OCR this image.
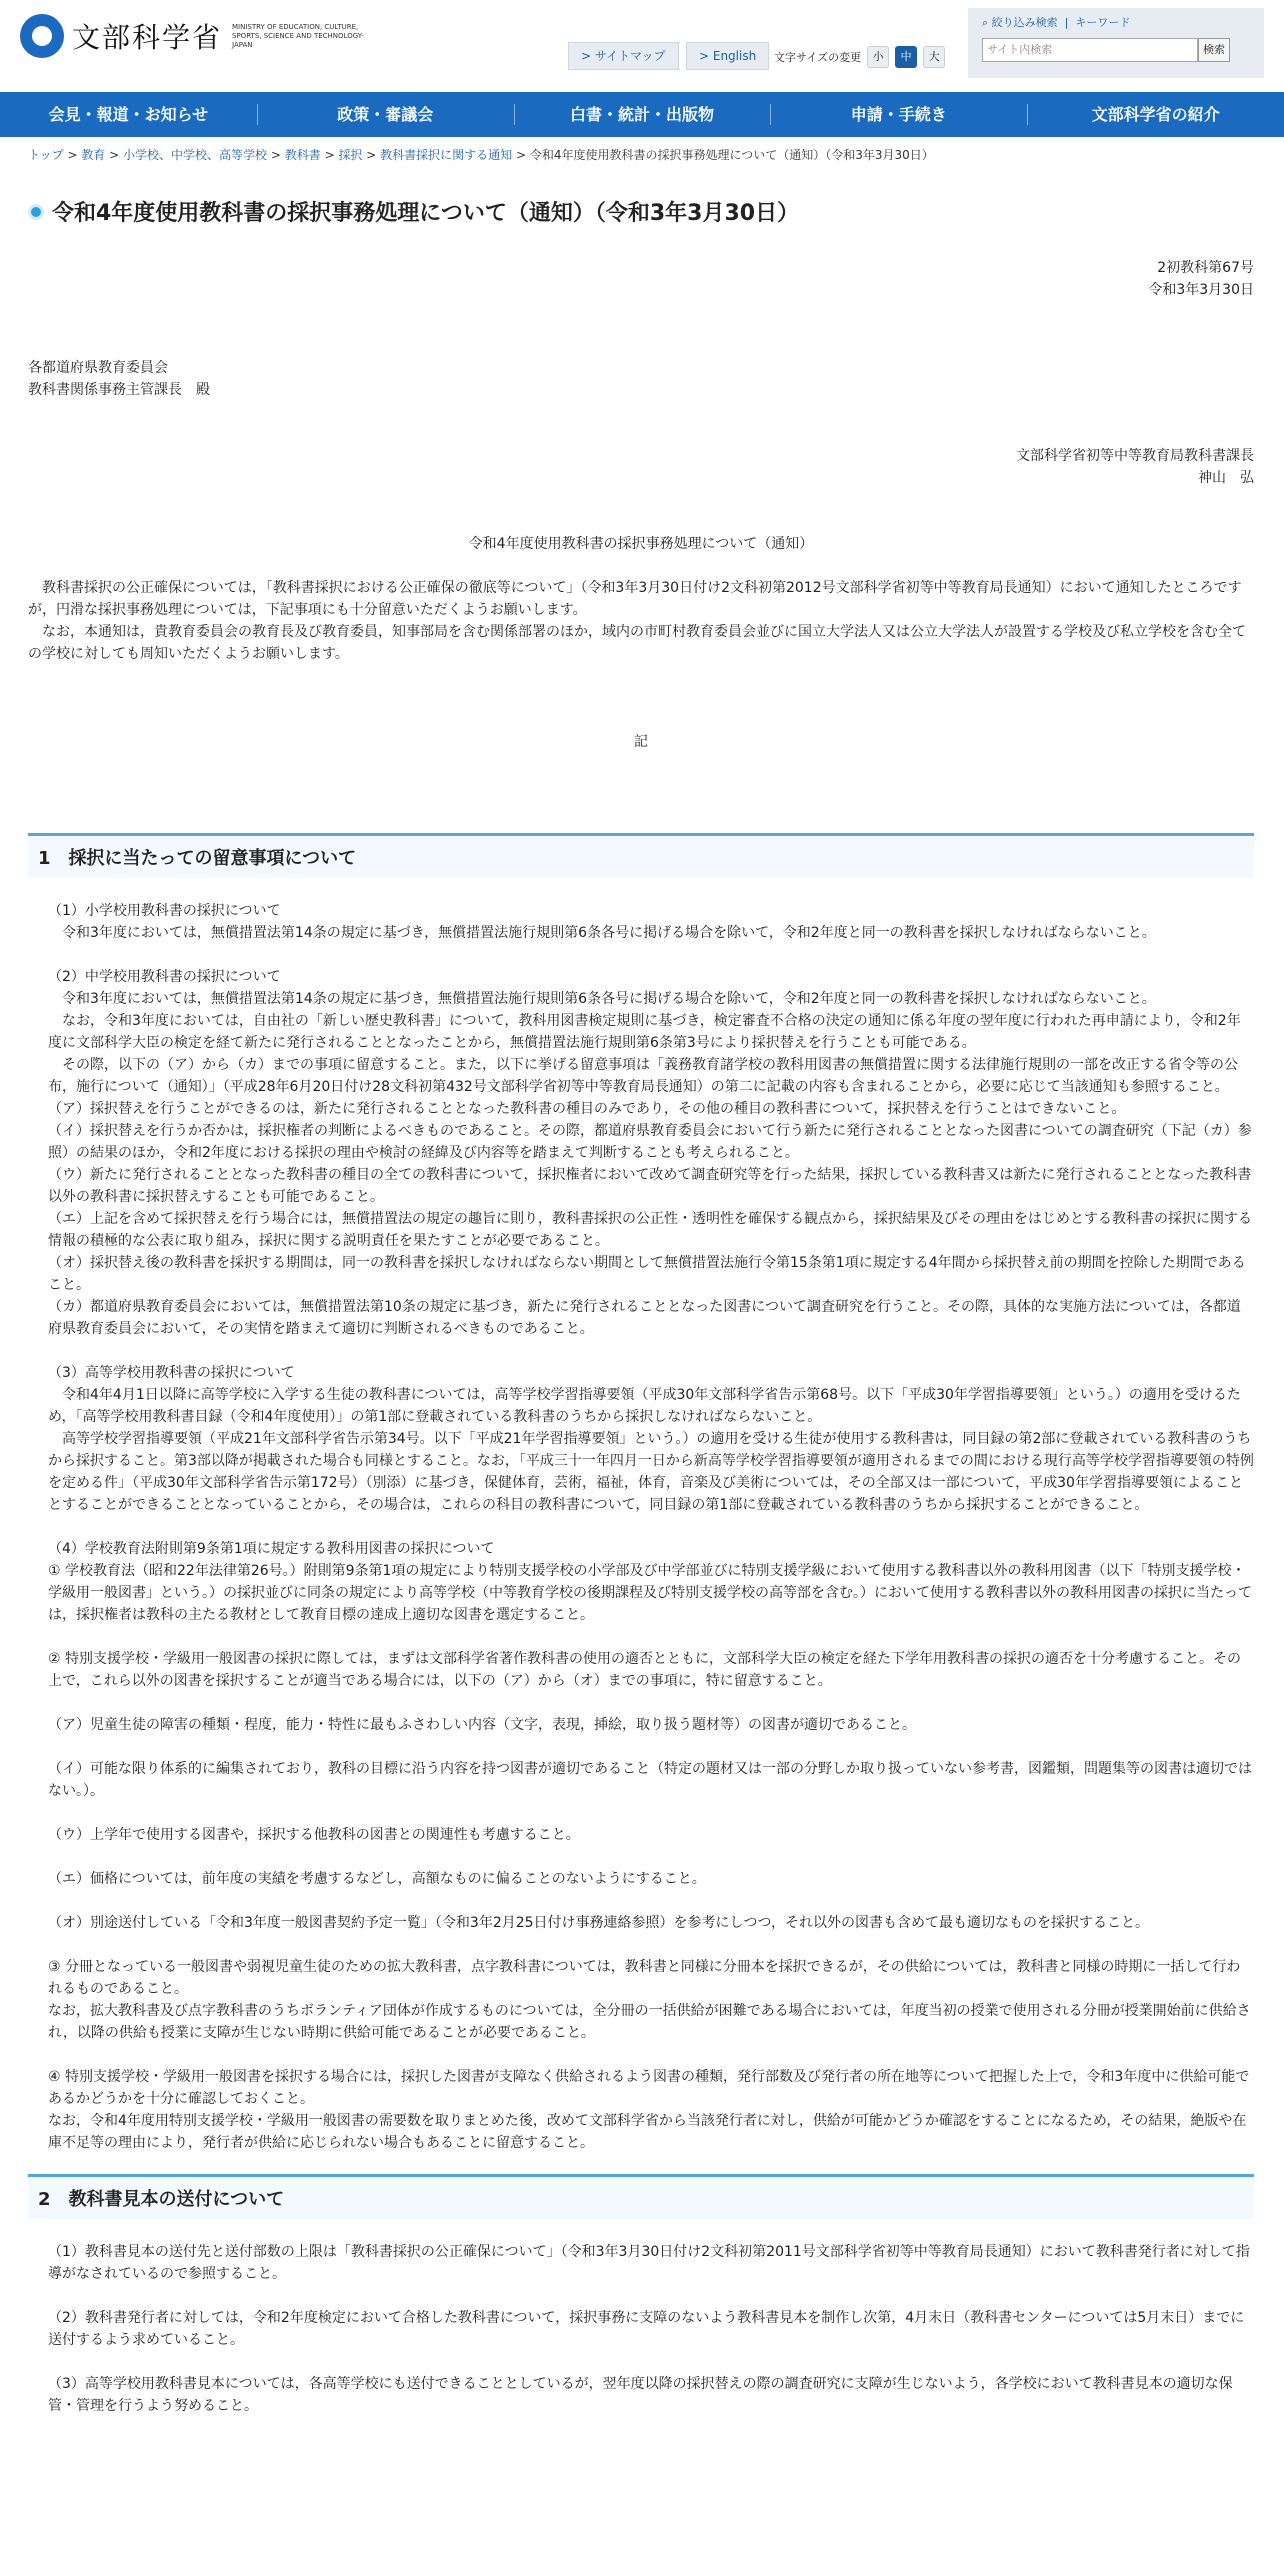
文部科学省 MINISTRY OF EDUCATION, CULTURE, SPORTS, SCIENCE AND TECHNOLOGY-JAPAN
> サイトマップ	> English	文字サイズの変更	小	中	大
⌕ 絞り込み検索  |  キーワード
サイト内検索	検索
会見・報道・お知らせ	政策・審議会	白書・統計・出版物	申請・手続き	文部科学省の紹介
トップ > 教育 > 小学校、中学校、高等学校 > 教科書 > 採択 > 教科書採択に関する通知 > 令和4年度使用教科書の採択事務処理について（通知）（令和3年3月30日）
令和4年度使用教科書の採択事務処理について（通知）（令和3年3月30日）

2初教科第67号

令和3年3月30日

各都道府県教育委員会

教科書関係事務主管課長　殿

文部科学省初等中等教育局教科書課長

神山　弘

令和4年度使用教科書の採択事務処理について（通知）

　教科書採択の公正確保については，「教科書採択における公正確保の徹底等について」（令和3年3月30日付け2文科初第2012号文部科学省初等中等教育局長通知）において通知したところですが，円滑な採択事務処理については，下記事項にも十分留意いただくようお願いします。

　なお，本通知は，貴教育委員会の教育長及び教育委員，知事部局を含む関係部署のほか，域内の市町村教育委員会並びに国立大学法人又は公立大学法人が設置する学校及び私立学校を含む全ての学校に対しても周知いただくようお願いします。

記

1　採択に当たっての留意事項について

（1）小学校用教科書の採択について

　令和3年度においては，無償措置法第14条の規定に基づき，無償措置法施行規則第6条各号に掲げる場合を除いて，令和2年度と同一の教科書を採択しなければならないこと。

（2）中学校用教科書の採択について

　令和3年度においては，無償措置法第14条の規定に基づき，無償措置法施行規則第6条各号に掲げる場合を除いて，令和2年度と同一の教科書を採択しなければならないこと。

　なお，令和3年度においては，自由社の「新しい歴史教科書」について，教科用図書検定規則に基づき，検定審査不合格の決定の通知に係る年度の翌年度に行われた再申請により，令和2年度に文部科学大臣の検定を経て新たに発行されることとなったことから，無償措置法施行規則第6条第3号により採択替えを行うことも可能である。

　その際，以下の（ア）から（カ）までの事項に留意すること。また，以下に挙げる留意事項は「義務教育諸学校の教科用図書の無償措置に関する法律施行規則の一部を改正する省令等の公布，施行について（通知）」（平成28年6月20日付け28文科初第432号文部科学省初等中等教育局長通知）の第二に記載の内容も含まれることから，必要に応じて当該通知も参照すること。

（ア）採択替えを行うことができるのは，新たに発行されることとなった教科書の種目のみであり，その他の種目の教科書について，採択替えを行うことはできないこと。

（イ）採択替えを行うか否かは，採択権者の判断によるべきものであること。その際，都道府県教育委員会において行う新たに発行されることとなった図書についての調査研究（下記（カ）参照）の結果のほか，令和2年度における採択の理由や検討の経緯及び内容等を踏まえて判断することも考えられること。

（ウ）新たに発行されることとなった教科書の種目の全ての教科書について，採択権者において改めて調査研究等を行った結果，採択している教科書又は新たに発行されることとなった教科書以外の教科書に採択替えすることも可能であること。

（エ）上記を含めて採択替えを行う場合には，無償措置法の規定の趣旨に則り，教科書採択の公正性・透明性を確保する観点から，採択結果及びその理由をはじめとする教科書の採択に関する情報の積極的な公表に取り組み，採択に関する説明責任を果たすことが必要であること。

（オ）採択替え後の教科書を採択する期間は，同一の教科書を採択しなければならない期間として無償措置法施行令第15条第1項に規定する4年間から採択替え前の期間を控除した期間であること。

（カ）都道府県教育委員会においては，無償措置法第10条の規定に基づき，新たに発行されることとなった図書について調査研究を行うこと。その際，具体的な実施方法については，各都道府県教育委員会において，その実情を踏まえて適切に判断されるべきものであること。

（3）高等学校用教科書の採択について

　令和4年4月1日以降に高等学校に入学する生徒の教科書については，高等学校学習指導要領（平成30年文部科学省告示第68号。以下「平成30年学習指導要領」という。）の適用を受けるため，「高等学校用教科書目録（令和4年度使用）」の第1部に登載されている教科書のうちから採択しなければならないこと。

　高等学校学習指導要領（平成21年文部科学省告示第34号。以下「平成21年学習指導要領」という。）の適用を受ける生徒が使用する教科書は，同目録の第2部に登載されている教科書のうちから採択すること。第3部以降が掲載された場合も同様とすること。なお，「平成三十一年四月一日から新高等学校学習指導要領が適用されるまでの間における現行高等学校学習指導要領の特例を定める件」（平成30年文部科学省告示第172号）（別添）に基づき，保健体育，芸術，福祉，体育，音楽及び美術については，その全部又は一部について，平成30年学習指導要領によることとすることができることとなっていることから，その場合は，これらの科目の教科書について，同目録の第1部に登載されている教科書のうちから採択することができること。

（4）学校教育法附則第9条第1項に規定する教科用図書の採択について

① 学校教育法（昭和22年法律第26号。）附則第9条第1項の規定により特別支援学校の小学部及び中学部並びに特別支援学級において使用する教科書以外の教科用図書（以下「特別支援学校・学級用一般図書」という。）の採択並びに同条の規定により高等学校（中等教育学校の後期課程及び特別支援学校の高等部を含む。）において使用する教科書以外の教科用図書の採択に当たっては，採択権者は教科の主たる教材として教育目標の達成上適切な図書を選定すること。

② 特別支援学校・学級用一般図書の採択に際しては，まずは文部科学省著作教科書の使用の適否とともに，文部科学大臣の検定を経た下学年用教科書の採択の適否を十分考慮すること。その上で，これら以外の図書を採択することが適当である場合には，以下の（ア）から（オ）までの事項に，特に留意すること。

（ア）児童生徒の障害の種類・程度，能力・特性に最もふさわしい内容（文字，表現，挿絵，取り扱う題材等）の図書が適切であること。

（イ）可能な限り体系的に編集されており，教科の目標に沿う内容を持つ図書が適切であること（特定の題材又は一部の分野しか取り扱っていない参考書，図鑑類，問題集等の図書は適切ではない。）。

（ウ）上学年で使用する図書や，採択する他教科の図書との関連性も考慮すること。

（エ）価格については，前年度の実績を考慮するなどし，高額なものに偏ることのないようにすること。

（オ）別途送付している「令和3年度一般図書契約予定一覧」（令和3年2月25日付け事務連絡参照）を参考にしつつ，それ以外の図書も含めて最も適切なものを採択すること。

③ 分冊となっている一般図書や弱視児童生徒のための拡大教科書，点字教科書については，教科書と同様に分冊本を採択できるが，その供給については，教科書と同様の時期に一括して行われるものであること。

なお，拡大教科書及び点字教科書のうちボランティア団体が作成するものについては，全分冊の一括供給が困難である場合においては，年度当初の授業で使用される分冊が授業開始前に供給され，以降の供給も授業に支障が生じない時期に供給可能であることが必要であること。

④ 特別支援学校・学級用一般図書を採択する場合には，採択した図書が支障なく供給されるよう図書の種類，発行部数及び発行者の所在地等について把握した上で，令和3年度中に供給可能であるかどうかを十分に確認しておくこと。

なお，令和4年度用特別支援学校・学級用一般図書の需要数を取りまとめた後，改めて文部科学省から当該発行者に対し，供給が可能かどうか確認をすることになるため，その結果，絶版や在庫不足等の理由により，発行者が供給に応じられない場合もあることに留意すること。

2　教科書見本の送付について

（1）教科書見本の送付先と送付部数の上限は「教科書採択の公正確保について」（令和3年3月30日付け2文科初第2011号文部科学省初等中等教育局長通知）において教科書発行者に対して指導がなされているので参照すること。

（2）教科書発行者に対しては，令和2年度検定において合格した教科書について，採択事務に支障のないよう教科書見本を制作し次第，4月末日（教科書センターについては5月末日）までに送付するよう求めていること。

（3）高等学校用教科書見本については，各高等学校にも送付できることとしているが，翌年度以降の採択替えの際の調査研究に支障が生じないよう，各学校において教科書見本の適切な保管・管理を行うよう努めること。
